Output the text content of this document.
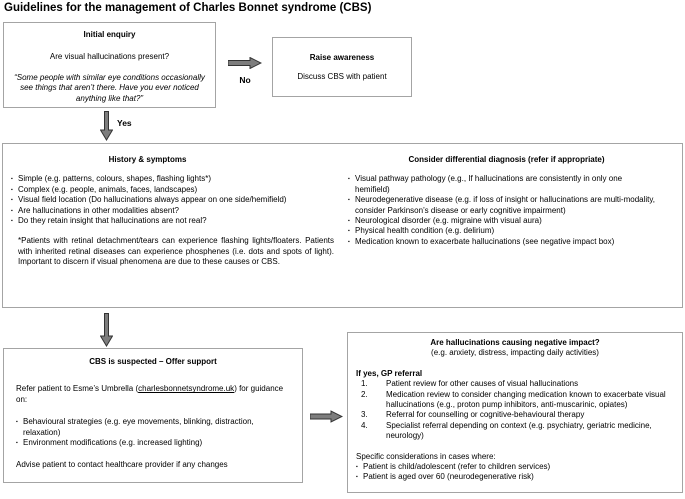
Guidelines for the management of Charles Bonnet syndrome (CBS)
Initial enquiry
Are visual hallucinations present?
“Some people with similar eye conditions occasionally see things that aren’t there. Have you ever noticed anything like that?”
No
Raise awareness
Discuss CBS with patient
Yes
History & symptoms
▪ Simple (e.g. patterns, colours, shapes, flashing lights*)
▪ Complex (e.g. people, animals, faces, landscapes)
▪ Visual field location (Do hallucinations always appear on one side/hemifield)
▪ Are hallucinations in other modalities absent?
▪ Do they retain insight that hallucinations are not real?

*Patients with retinal detachment/tears can experience flashing lights/floaters. Patients with inherited retinal diseases can experience phosphenes (i.e. dots and spots of light). Important to discern if visual phenomena are due to these causes or CBS.

Consider differential diagnosis (refer if appropriate)
▪ Visual pathway pathology (e.g., If hallucinations are consistently in only one hemifield)
▪ Neurodegenerative disease (e.g. if loss of insight or hallucinations are multi-modality, consider Parkinson’s disease or early cognitive impairment)
▪ Neurological disorder (e.g. migraine with visual aura)
▪ Physical health condition (e.g. delirium)
▪ Medication known to exacerbate hallucinations (see negative impact box)
CBS is suspected – Offer support

Refer patient to Esme’s Umbrella (charlesbonnetsyndrome.uk) for guidance on:

▪ Behavioural strategies (e.g. eye movements, blinking, distraction, relaxation)
▪ Environment modifications (e.g. increased lighting)

Advise patient to contact healthcare provider if any changes

Are hallucinations causing negative impact?
(e.g. anxiety, distress, impacting daily activities)
If yes, GP referral
1.	Patient review for other causes of visual hallucinations
2.	Medication review to consider changing medication known to exacerbate visual hallucinations (e.g., proton pump inhibitors, anti-muscarinic, opiates)
3.	Referral for counselling or cognitive-behavioural therapy
4.	Specialist referral depending on context (e.g. psychiatry, geriatric medicine, neurology)
Specific considerations in cases where:
▪ Patient is child/adolescent (refer to children services)
▪ Patient is aged over 60 (neurodegenerative risk)
